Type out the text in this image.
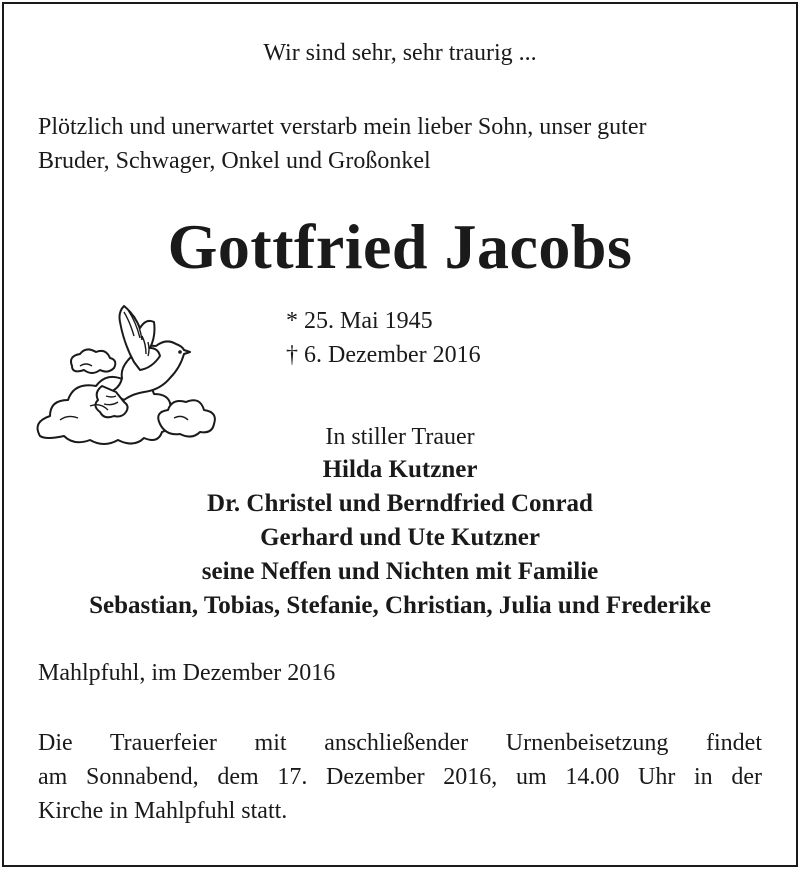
Wir sind sehr, sehr traurig ...
Plötzlich und unerwartet verstarb mein lieber Sohn, unser guter
Bruder, Schwager, Onkel und Großonkel
Gottfried Jacobs
* 25. Mai 1945
† 6. Dezember 2016
In stiller Trauer
Hilda Kutzner
Dr. Christel und Berndfried Conrad
Gerhard und Ute Kutzner
seine Neffen und Nichten mit Familie
Sebastian, Tobias, Stefanie, Christian, Julia und Frederike
Mahlpfuhl, im Dezember 2016
Die Trauerfeier mit anschließender Urnenbeisetzung findet
am Sonnabend, dem 17. Dezember 2016, um 14.00 Uhr in der
Kirche in Mahlpfuhl statt.
